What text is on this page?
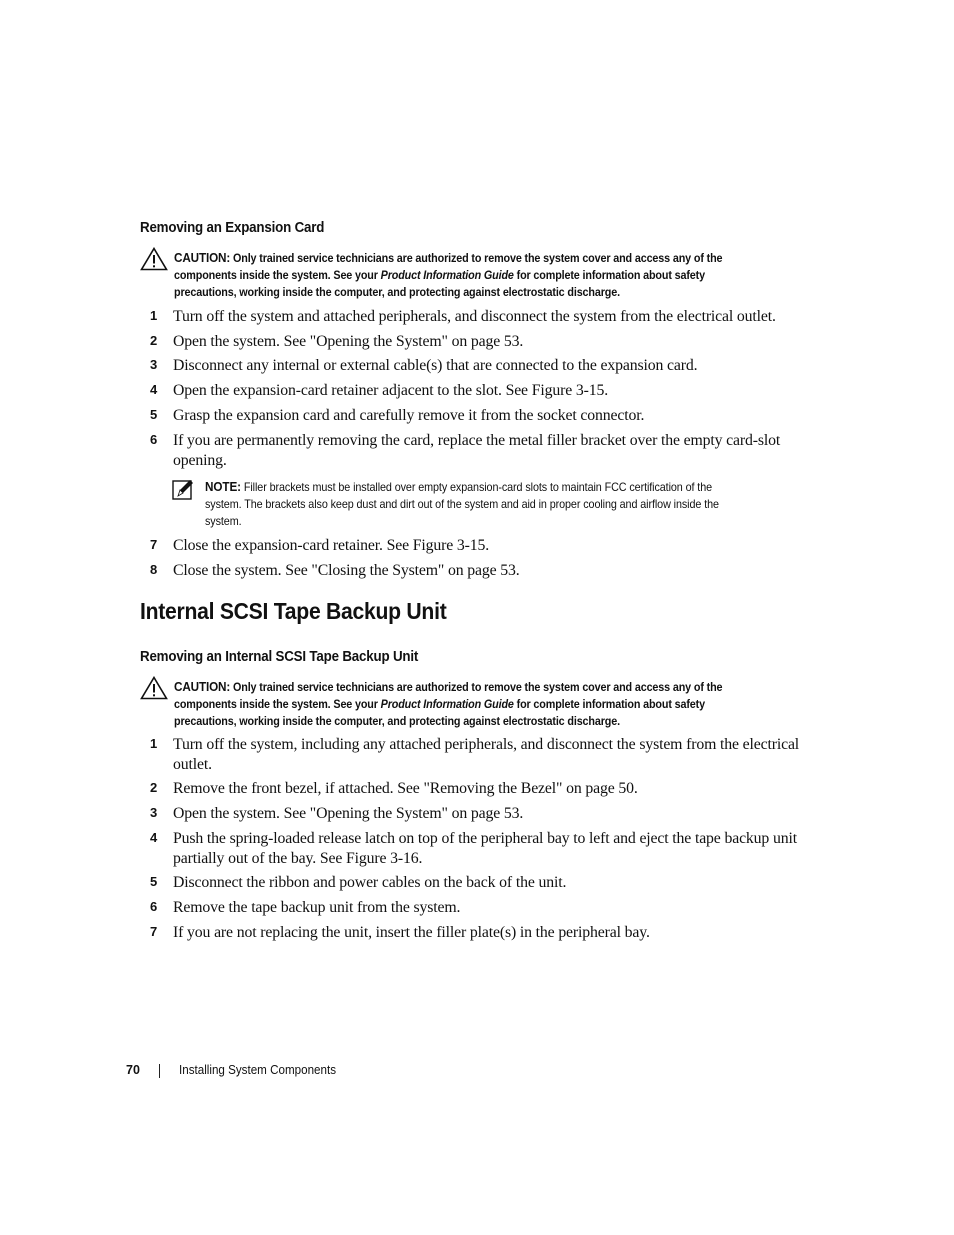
Removing an Expansion Card
CAUTION: Only trained service technicians are authorized to remove the system cover and access any of the
components inside the system. See your Product Information Guide for complete information about safety
precautions, working inside the computer, and protecting against electrostatic discharge.
1 Turn off the system and attached peripherals, and disconnect the system from the electrical outlet.
2 Open the system. See "Opening the System" on page 53.
3 Disconnect any internal or external cable(s) that are connected to the expansion card.
4 Open the expansion-card retainer adjacent to the slot. See Figure 3-15.
5 Grasp the expansion card and carefully remove it from the socket connector.
6 If you are permanently removing the card, replace the metal filler bracket over the empty card-slot
opening.
NOTE: Filler brackets must be installed over empty expansion-card slots to maintain FCC certification of the
system. The brackets also keep dust and dirt out of the system and aid in proper cooling and airflow inside the
system.
7 Close the expansion-card retainer. See Figure 3-15.
8 Close the system. See "Closing the System" on page 53.
Internal SCSI Tape Backup Unit
Removing an Internal SCSI Tape Backup Unit
CAUTION: Only trained service technicians are authorized to remove the system cover and access any of the
components inside the system. See your Product Information Guide for complete information about safety
precautions, working inside the computer, and protecting against electrostatic discharge.
1 Turn off the system, including any attached peripherals, and disconnect the system from the electrical
outlet.
2 Remove the front bezel, if attached. See "Removing the Bezel" on page 50.
3 Open the system. See "Opening the System" on page 53.
4 Push the spring-loaded release latch on top of the peripheral bay to left and eject the tape backup unit
partially out of the bay. See Figure 3-16.
5 Disconnect the ribbon and power cables on the back of the unit.
6 Remove the tape backup unit from the system.
7 If you are not replacing the unit, insert the filler plate(s) in the peripheral bay.
70	Installing System Components
